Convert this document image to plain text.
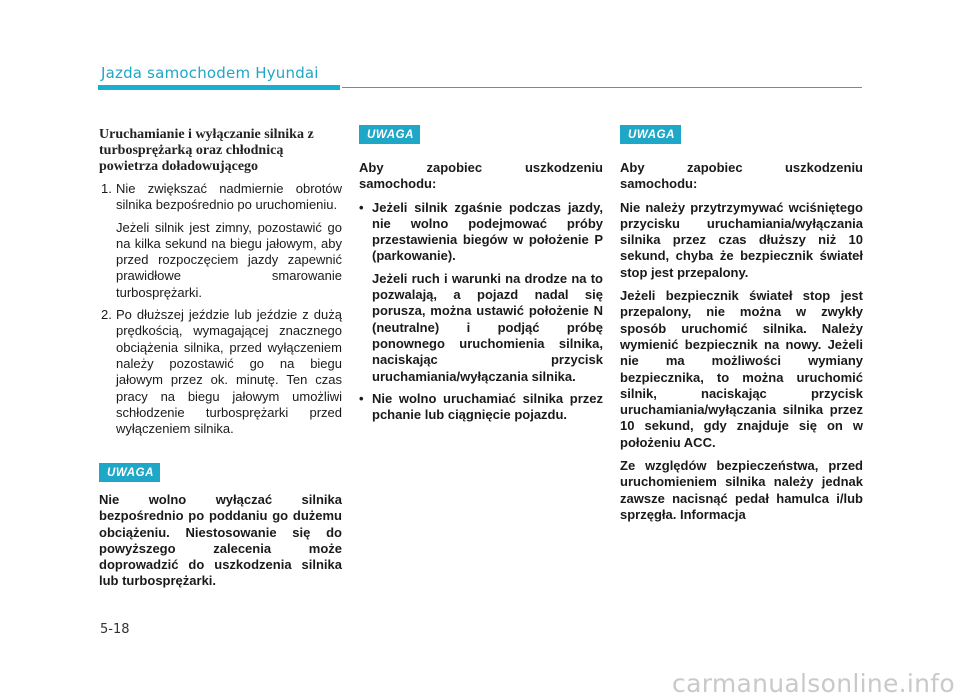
Jazda samochodem Hyundai
Uruchamianie i wyłączanie silnika z turbosprężarką oraz chłodnicą powietrza doładowującego
1. Nie zwiększać nadmiernie obrotów silnika bezpośrednio po uruchomieniu.
Jeżeli silnik jest zimny, pozostawić go na kilka sekund na biegu jałowym, aby przed rozpoczęciem jazdy zapewnić prawidłowe smarowanie turbosprężarki.
2. Po dłuższej jeździe lub jeździe z dużą prędkością, wymagającej znacznego obciążenia silnika, przed wyłączeniem należy pozostawić go na biegu jałowym przez ok. minutę. Ten czas pracy na biegu jałowym umożliwi schłodzenie turbosprężarki przed wyłączeniem silnika.
UWAGA
Nie wolno wyłączać silnika bezpośrednio po poddaniu go dużemu obciążeniu. Niestosowanie się do powyższego zalecenia może doprowadzić do uszkodzenia silnika lub turbosprężarki.
UWAGA

Aby zapobiec uszkodzeniu samochodu:

• Jeżeli silnik zgaśnie podczas jazdy, nie wolno podejmować próby przestawienia biegów w położenie P (parkowanie).
Jeżeli ruch i warunki na drodze na to pozwalają, a pojazd nadal się porusza, można ustawić położenie N (neutralne) i podjąć próbę ponownego uruchomienia silnika, naciskając przycisk uruchamiania/wyłączania silnika.
• Nie wolno uruchamiać silnika przez pchanie lub ciągnięcie pojazdu.
UWAGA

Aby zapobiec uszkodzeniu samochodu:

Nie należy przytrzymywać wciśniętego przycisku uruchamiania/wyłączania silnika przez czas dłuższy niż 10 sekund, chyba że bezpiecznik świateł stop jest przepalony.

Jeżeli bezpiecznik świateł stop jest przepalony, nie można w zwykły sposób uruchomić silnika. Należy wymienić bezpiecznik na nowy. Jeżeli nie ma możliwości wymiany bezpiecznika, to można uruchomić silnik, naciskając przycisk uruchamiania/wyłączania silnika przez 10 sekund, gdy znajduje się on w położeniu ACC.

Ze względów bezpieczeństwa, przed uruchomieniem silnika należy jednak zawsze nacisnąć pedał hamulca i/lub sprzęgła. Informacja

5-18
carmanualsonline.info
